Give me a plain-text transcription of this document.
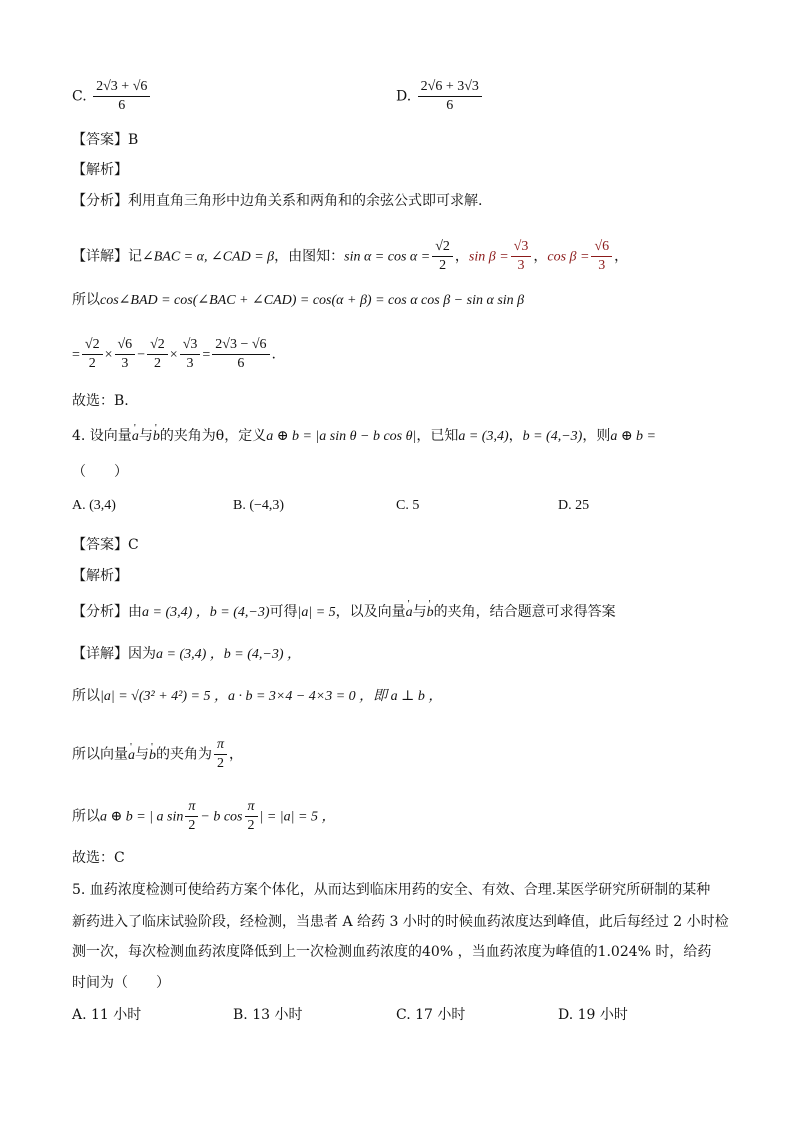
C. $\frac{2√3 + √6}{6}$	D. $\frac{2√6 + 3√3}{6}$
【答案】B
【解析】
【分析】利用直角三角形中边角关系和两角和的余弦公式即可求解.
【详解】记∠BAC = α, ∠CAD = β，由图知：$\sin \alpha = \cos \alpha = \frac{√2}{2}$ ，$\sin \beta = \frac{√3}{3}$ ，$\cos \beta = \frac{√6}{3}$ ，
所以cos∠BAD = cos(∠BAC + ∠CAD) = cos(α + β) = cos α cos β − sin α sin β
= $\frac{√2}{2} \times \frac{√6}{3} - \frac{√2}{2} \times \frac{√3}{3} = \frac{2√3 - √6}{6}$ .
故选：B.
4. 设向量' a与' b的夹角为θ，定义a ⊕ b = |a sin θ − b cos θ|，已知a = (3,4)，b = (4,−3)，则a ⊕ b =
（　　）
A. (3,4)	B. (−4,3)	C. 5	D. 25
【答案】C
【解析】
【分析】由a = (3,4) ，b = (4,−3)可得|a| = 5，以及向量' a与' b的夹角，结合题意可求得答案
【详解】因为a = (3,4) ，b = (4,−3) ，
所以|a| = √(3² + 4²) = 5 ，a · b = 3×4 − 4×3 = 0 ，即 a ⊥ b ，
所以向量' a与' b的夹角为 $\frac{\pi}{2}$ ，
所以a ⊕ b = | a $\sin \frac{\pi}{2} - b$ $\cos \frac{\pi}{2}$ | = |a| = 5 ，
故选：C
5. 血药浓度检测可使给药方案个体化，从而达到临床用药的安全、有效、合理.某医学研究所研制的某种
新药进入了临床试验阶段，经检测，当患者 A 给药 3 小时的时候血药浓度达到峰值，此后每经过 2 小时检
测一次，每次检测血药浓度降低到上一次检测血药浓度的40% ，当血药浓度为峰值的1.024% 时，给药
时间为（　　）
A. 11 小时	B. 13 小时	C. 17 小时	D. 19 小时
